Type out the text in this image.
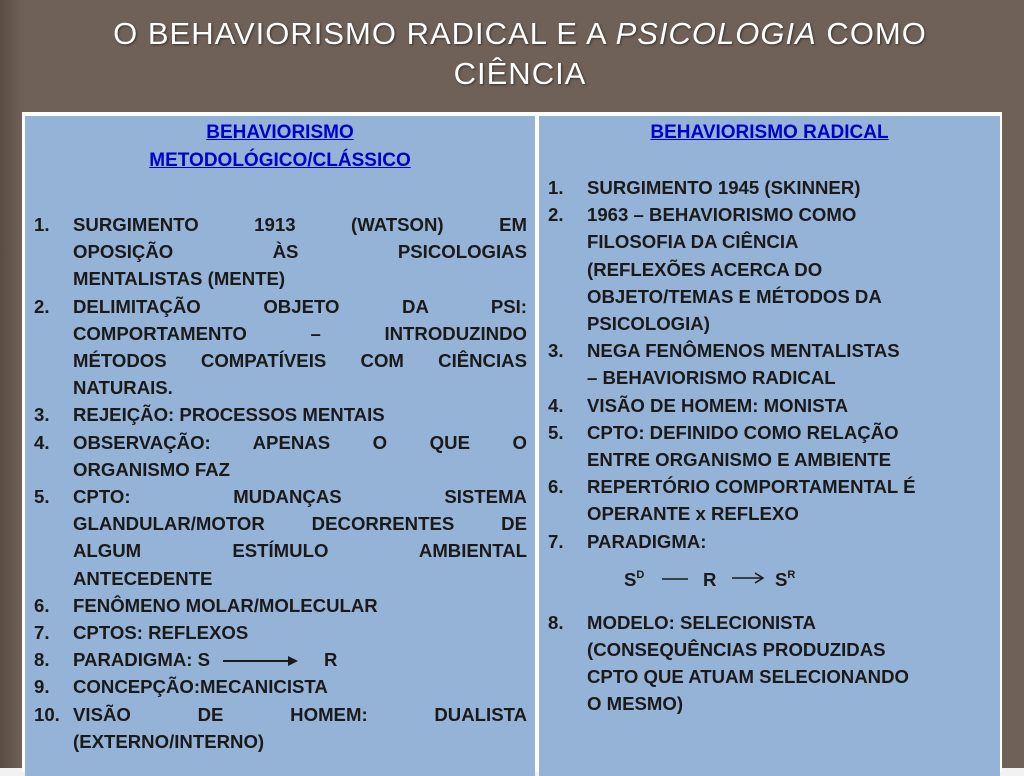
O BEHAVIORISMO RADICAL E A PSICOLOGIA COMO
CIÊNCIA
BEHAVIORISMO
METODOLÓGICO/CLÁSSICO
1. SURGIMENTO 1913 (WATSON) EM
OPOSIÇÃO ÀS PSICOLOGIAS
MENTALISTAS (MENTE)
2. DELIMITAÇÃO OBJETO DA PSI:
COMPORTAMENTO – INTRODUZINDO
MÉTODOS COMPATÍVEIS COM CIÊNCIAS
NATURAIS.
3. REJEIÇÃO: PROCESSOS MENTAIS
4. OBSERVAÇÃO: APENAS O QUE O
ORGANISMO FAZ
5. CPTO: MUDANÇAS SISTEMA
GLANDULAR/MOTOR DECORRENTES DE
ALGUM ESTÍMULO AMBIENTAL
ANTECEDENTE
6. FENÔMENO MOLAR/MOLECULAR
7. CPTOS: REFLEXOS
8. PARADIGMA: S	R
9. CONCEPÇÃO:MECANICISTA
10. VISÃO DE HOMEM: DUALISTA
(EXTERNO/INTERNO)
BEHAVIORISMO RADICAL
1. SURGIMENTO 1945 (SKINNER)
2. 1963 – BEHAVIORISMO COMO
FILOSOFIA DA CIÊNCIA
(REFLEXÕES ACERCA DO
OBJETO/TEMAS E MÉTODOS DA
PSICOLOGIA)
3. NEGA FENÔMENOS MENTALISTAS
– BEHAVIORISMO RADICAL
4. VISÃO DE HOMEM: MONISTA
5. CPTO: DEFINIDO COMO RELAÇÃO
ENTRE ORGANISMO E AMBIENTE
6. REPERTÓRIO COMPORTAMENTAL É
OPERANTE x REFLEXO
7. PARADIGMA:
$S^D$	R	$S^R$
8. MODELO: SELECIONISTA
(CONSEQUÊNCIAS PRODUZIDAS
CPTO QUE ATUAM SELECIONANDO
O MESMO)
